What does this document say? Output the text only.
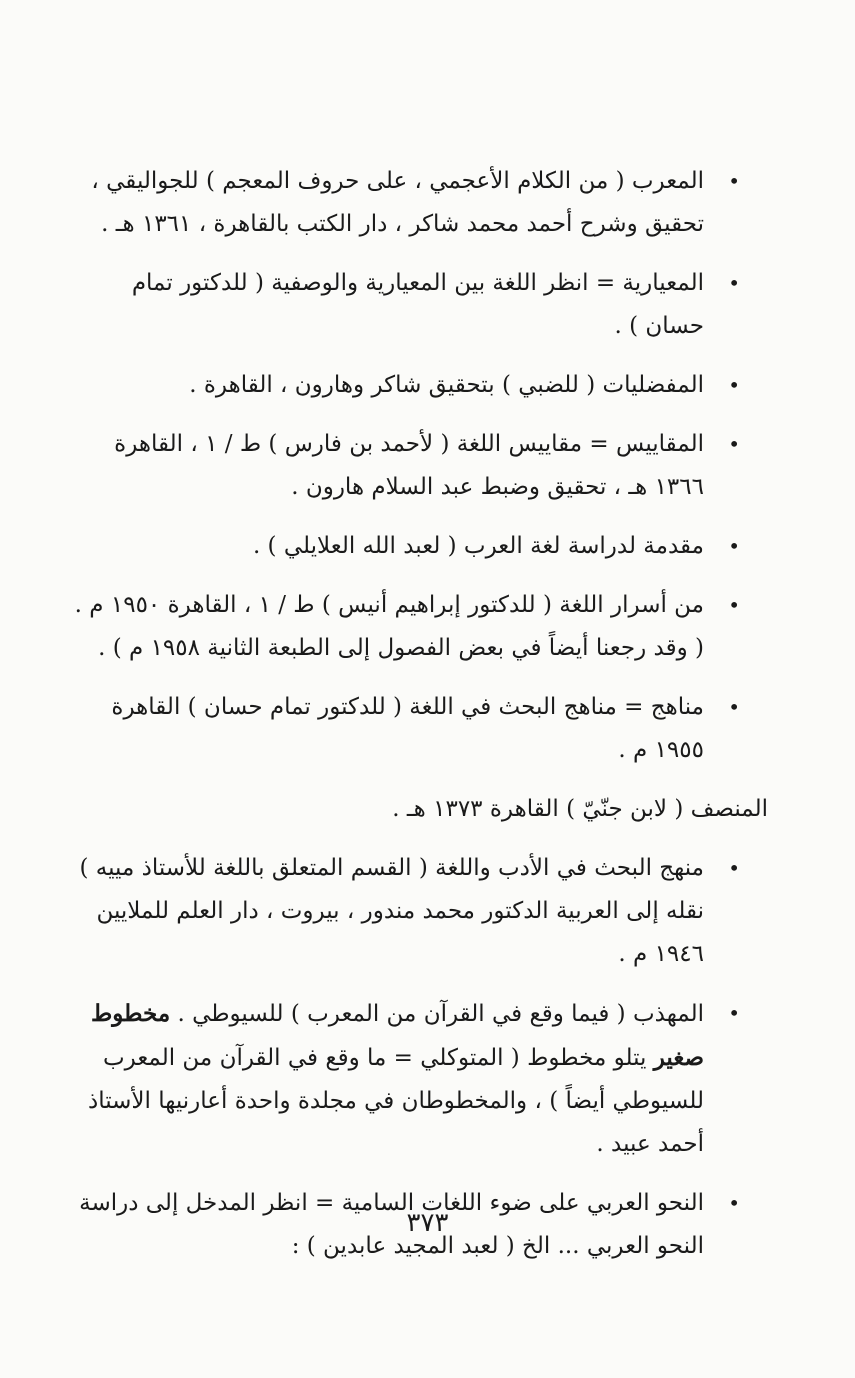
•
المعرب ( من الكلام الأعجمي ، على حروف المعجم ) للجواليقي ، تحقيق وشرح أحمد محمد شاكر ، دار الكتب بالقاهرة ، ١٣٦١ هـ .
•
المعيارية = انظر اللغة بين المعيارية والوصفية ( للدكتور تمام حسان ) .
•
المفضليات ( للضبي ) بتحقيق شاكر وهارون ، القاهرة .
•
المقاييس = مقاييس اللغة ( لأحمد بن فارس ) ط / ١ ، القاهرة ١٣٦٦ هـ ، تحقيق وضبط عبد السلام هارون .
•
مقدمة لدراسة لغة العرب ( لعبد الله العلايلي ) .
•
من أسرار اللغة ( للدكتور إبراهيم أنيس ) ط / ١ ، القاهرة ١٩٥٠ م . ( وقد رجعنا أيضاً في بعض الفصول إلى الطبعة الثانية ١٩٥٨ م ) .
•
مناهج = مناهج البحث في اللغة ( للدكتور تمام حسان ) القاهرة ١٩٥٥ م .
المنصف ( لابن جنّيّ ) القاهرة ١٣٧٣ هـ .
•
منهج البحث في الأدب واللغة ( القسم المتعلق باللغة للأستاذ مييه ) نقله إلى العربية الدكتور محمد مندور ، بيروت ، دار العلم للملايين ١٩٤٦ م .
•
المهذب ( فيما وقع في القرآن من المعرب ) للسيوطي . مخطوط صغير يتلو مخطوط ( المتوكلي = ما وقع في القرآن من المعرب للسيوطي أيضاً ) ، والمخطوطان في مجلدة واحدة أعارنيها الأستاذ أحمد عبيد .
•
النحو العربي على ضوء اللغات السامية = انظر المدخل إلى دراسة النحو العربي ... الخ ( لعبد المجيد عابدين ) :
٣٧٣
